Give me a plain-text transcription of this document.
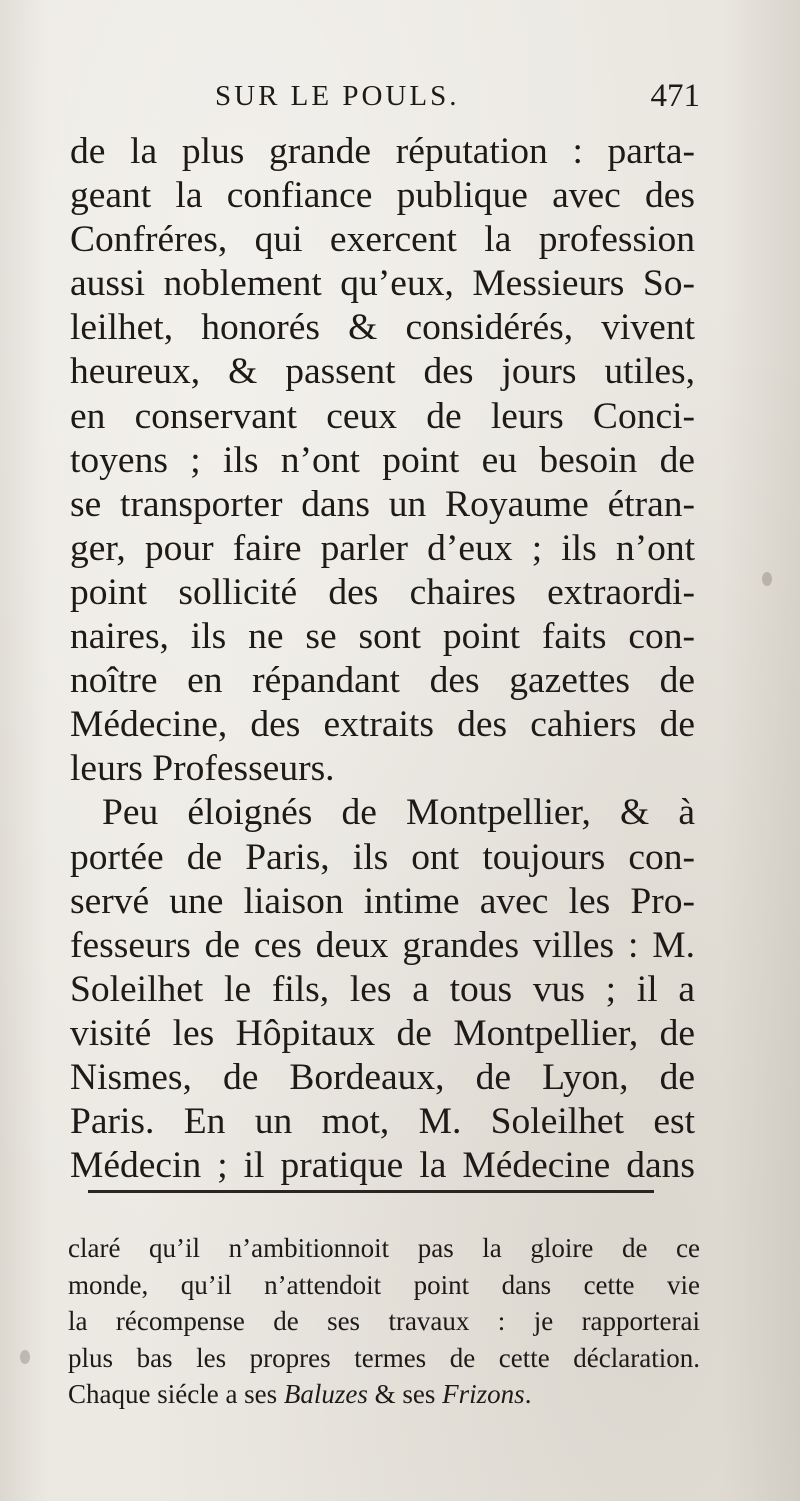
SUR LE POULS.	471
de la plus grande réputation : parta-
geant la confiance publique avec des
Confréres, qui exercent la profession
aussi noblement qu’eux, Messieurs So-
leilhet, honorés & considérés, vivent
heureux, & passent des jours utiles,
en conservant ceux de leurs Conci-
toyens ; ils n’ont point eu besoin de
se transporter dans un Royaume étran-
ger, pour faire parler d’eux ; ils n’ont
point sollicité des chaires extraordi-
naires, ils ne se sont point faits con-
noître en répandant des gazettes de
Médecine, des extraits des cahiers de
leurs Professeurs.
Peu éloignés de Montpellier, & à
portée de Paris, ils ont toujours con-
servé une liaison intime avec les Pro-
fesseurs de ces deux grandes villes : M.
Soleilhet le fils, les a tous vus ; il a
visité les Hôpitaux de Montpellier, de
Nismes, de Bordeaux, de Lyon, de
Paris. En un mot, M. Soleilhet est
Médecin ; il pratique la Médecine dans
claré qu’il n’ambitionnoit pas la gloire de ce
monde, qu’il n’attendoit point dans cette vie
la récompense de ses travaux : je rapporterai
plus bas les propres termes de cette déclaration.
Chaque siécle a ses Baluzes & ses Frizons.
